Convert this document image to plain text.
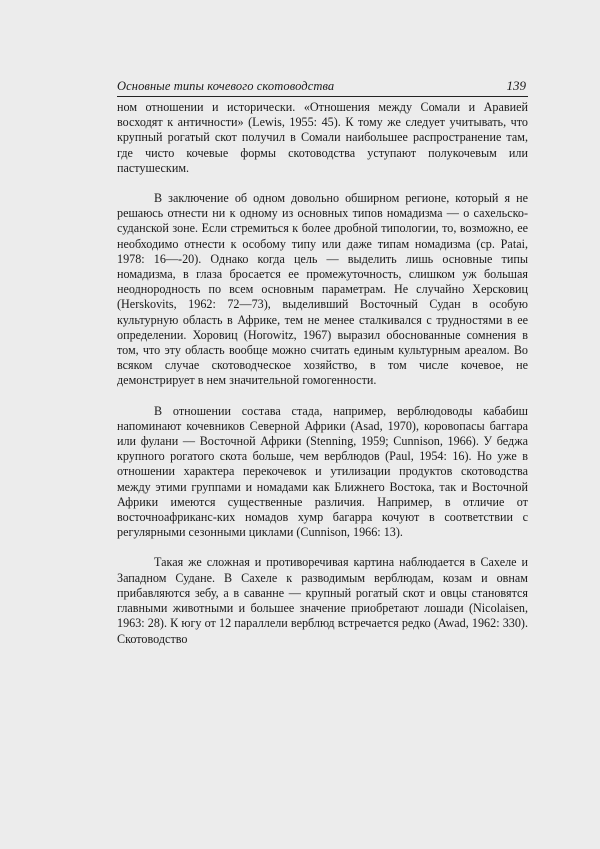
Основные типы кочевого скотоводства	139

ном отношении и исторически. «Отношения между Сомали и Аравией восходят к античности» (Lewis, 1955: 45). К тому же следует учитывать, что крупный рогатый скот получил в Сомали наибольшее распространение там, где чисто кочевые формы скотоводства уступают полукочевым или пастушеским.

В заключение об одном довольно обширном регионе, который я не решаюсь отнести ни к одному из основных типов номадизма — о сахельско-суданской зоне. Если стремиться к более дробной типологии, то, возможно, ее необходимо отнести к особому типу или даже типам номадизма (ср. Patai, 1978: 16—-20). Однако когда цель — выделить лишь основные типы номадизма, в глаза бросается ее промежуточность, слишком уж большая неоднородность по всем основным параметрам. Не случайно Херсковиц (Herskovits, 1962: 72—73), выделивший Восточный Судан в особую культурную область в Африке, тем не менее сталкивался с трудностями в ее определении. Хоровиц (Horowitz, 1967) выразил обоснованные сомнения в том, что эту область вообще можно считать единым культурным ареалом. Во всяком случае скотоводческое хозяйство, в том числе кочевое, не демонстрирует в нем значительной гомогенности.

В отношении состава стада, например, верблюдоводы кабабиш напоминают кочевников Северной Африки (Asad, 1970), коровопасы баггара или фулани — Восточной Африки (Stenning, 1959; Cunnison, 1966). У беджа крупного рогатого скота больше, чем верблюдов (Paul, 1954: 16). Но уже в отношении характера перекочевок и утилизации продуктов скотоводства между этими группами и номадами как Ближнего Востока, так и Восточной Африки имеются существенные различия. Например, в отличие от восточноафриканс-ких номадов хумр багарра кочуют в соответствии с регулярными сезонными циклами (Cunnison, 1966: 13).

Такая же сложная и противоречивая картина наблюдается в Сахеле и Западном Судане. В Сахеле к разводимым верблюдам, козам и овнам прибавляются зебу, а в саванне — крупный рогатый скот и овцы становятся главными животными и большее значение приобретают лошади (Nicolaisen, 1963: 28). К югу от 12 параллели верблюд встречается редко (Awad, 1962: 330). Скотоводство
